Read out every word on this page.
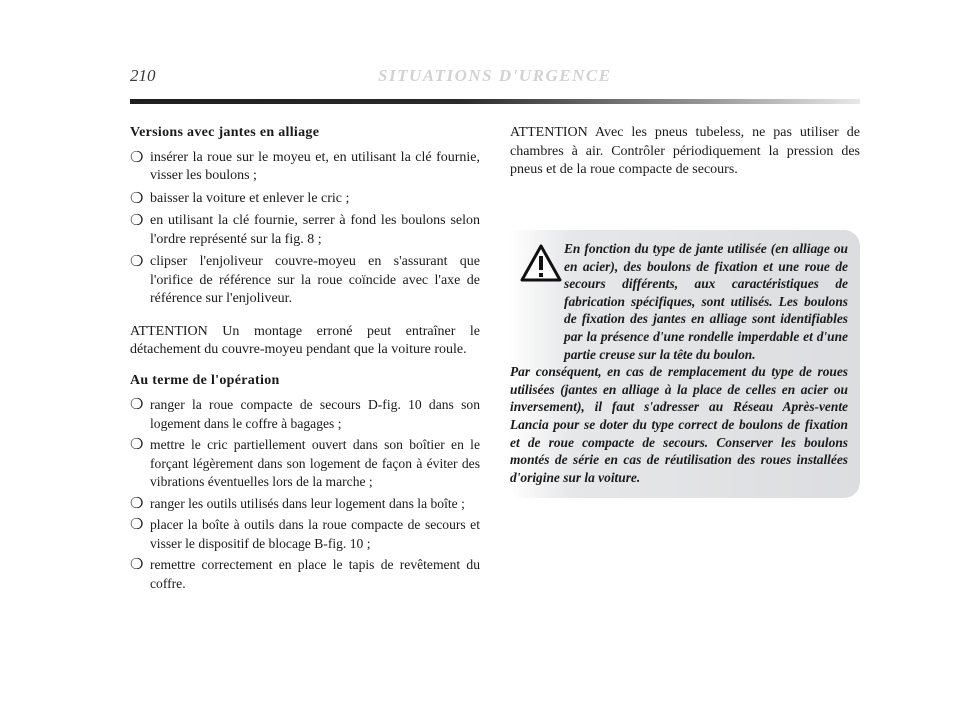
210	SITUATIONS D'URGENCE
Versions avec jantes en alliage
❍ insérer la roue sur le moyeu et, en utilisant la clé fournie, visser les boulons ;
❍ baisser la voiture et enlever le cric ;
❍ en utilisant la clé fournie, serrer à fond les boulons selon l'ordre représenté sur la fig. 8 ;
❍ clipser l'enjoliveur couvre-moyeu en s'assurant que l'orifice de référence sur la roue coïncide avec l'axe de référence sur l'enjoliveur.

ATTENTION Un montage erroné peut entraîner le détachement du couvre-moyeu pendant que la voiture roule.

Au terme de l'opération
❍ ranger la roue compacte de secours D-fig. 10 dans son logement dans le coffre à bagages ;
❍ mettre le cric partiellement ouvert dans son boîtier en le forçant légèrement dans son logement de façon à éviter des vibrations éventuelles lors de la marche ;
❍ ranger les outils utilisés dans leur logement dans la boîte ;
❍ placer la boîte à outils dans la roue compacte de secours et visser le dispositif de blocage B-fig. 10 ;
❍ remettre correctement en place le tapis de revêtement du coffre.

ATTENTION Avec les pneus tubeless, ne pas utiliser de chambres à air. Contrôler périodiquement la pression des pneus et de la roue compacte de secours.

En fonction du type de jante utilisée (en alliage ou en acier), des boulons de fixation et une roue de secours différents, aux caractéristiques de fabrication spécifiques, sont utilisés. Les boulons de fixation des jantes en alliage sont identifiables par la présence d'une rondelle imperdable et d'une partie creuse sur la tête du boulon.

Par conséquent, en cas de remplacement du type de roues utilisées (jantes en alliage à la place de celles en acier ou inversement), il faut s'adresser au Réseau Après-vente Lancia pour se doter du type correct de boulons de fixation et de roue compacte de secours. Conserver les boulons montés de série en cas de réutilisation des roues installées d'origine sur la voiture.
